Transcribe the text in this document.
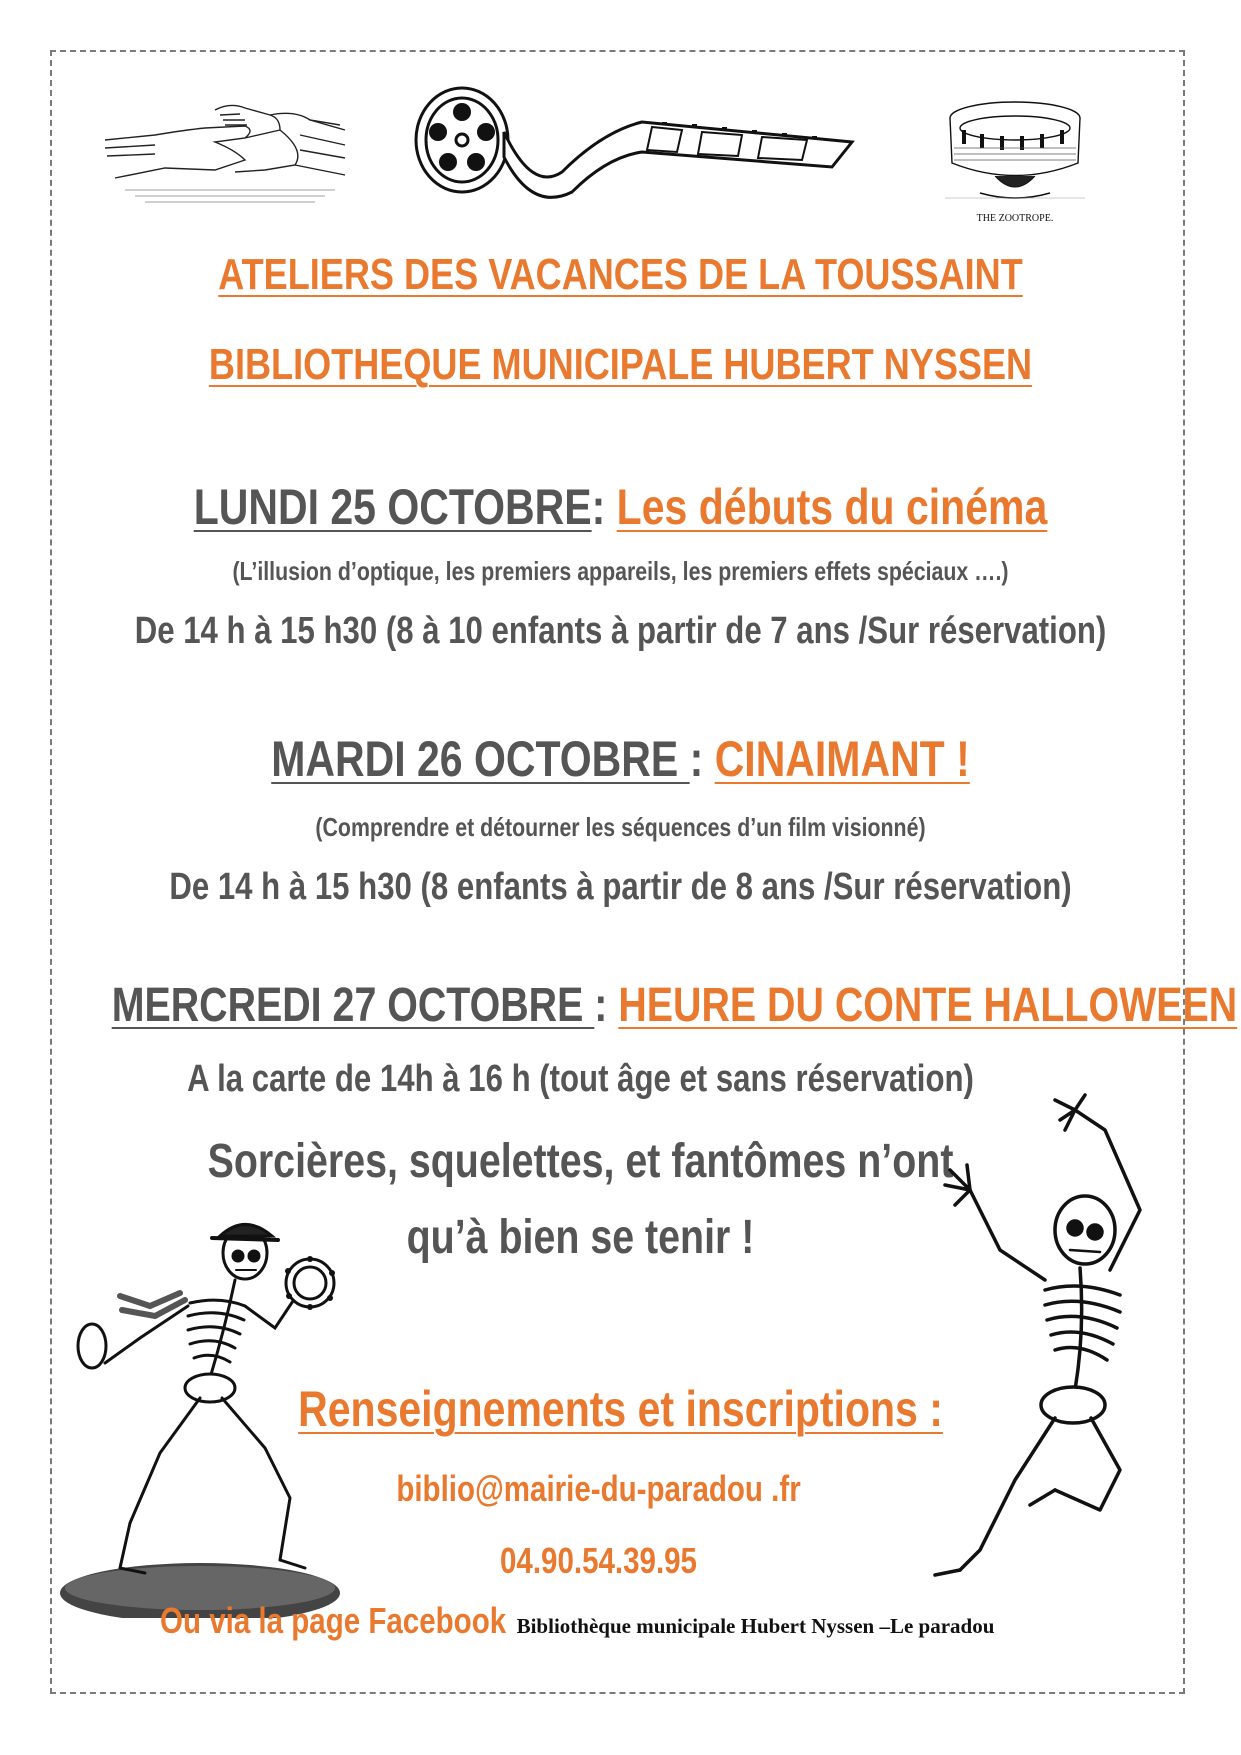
THE ZOOTROPE.
ATELIERS DES VACANCES DE LA TOUSSAINT
BIBLIOTHEQUE MUNICIPALE HUBERT NYSSEN
LUNDI 25 OCTOBRE: Les débuts du cinéma
(L’illusion d’optique, les premiers appareils, les premiers effets spéciaux ….)
De 14 h à 15 h30 (8 à 10 enfants à partir de 7 ans /Sur réservation)
MARDI 26 OCTOBRE : CINAIMANT !
(Comprendre et détourner les séquences d’un film visionné)
De 14 h à 15 h30 (8 enfants à partir de 8 ans /Sur réservation)
MERCREDI 27 OCTOBRE : HEURE DU CONTE HALLOWEEN
A la carte de 14h à 16 h (tout âge et sans réservation)
Sorcières, squelettes, et fantômes n’ont
qu’à bien se tenir !
Renseignements et inscriptions :
biblio@mairie-du-paradou .fr
04.90.54.39.95
Ou via la page Facebook Bibliothèque municipale Hubert Nyssen –Le paradou
